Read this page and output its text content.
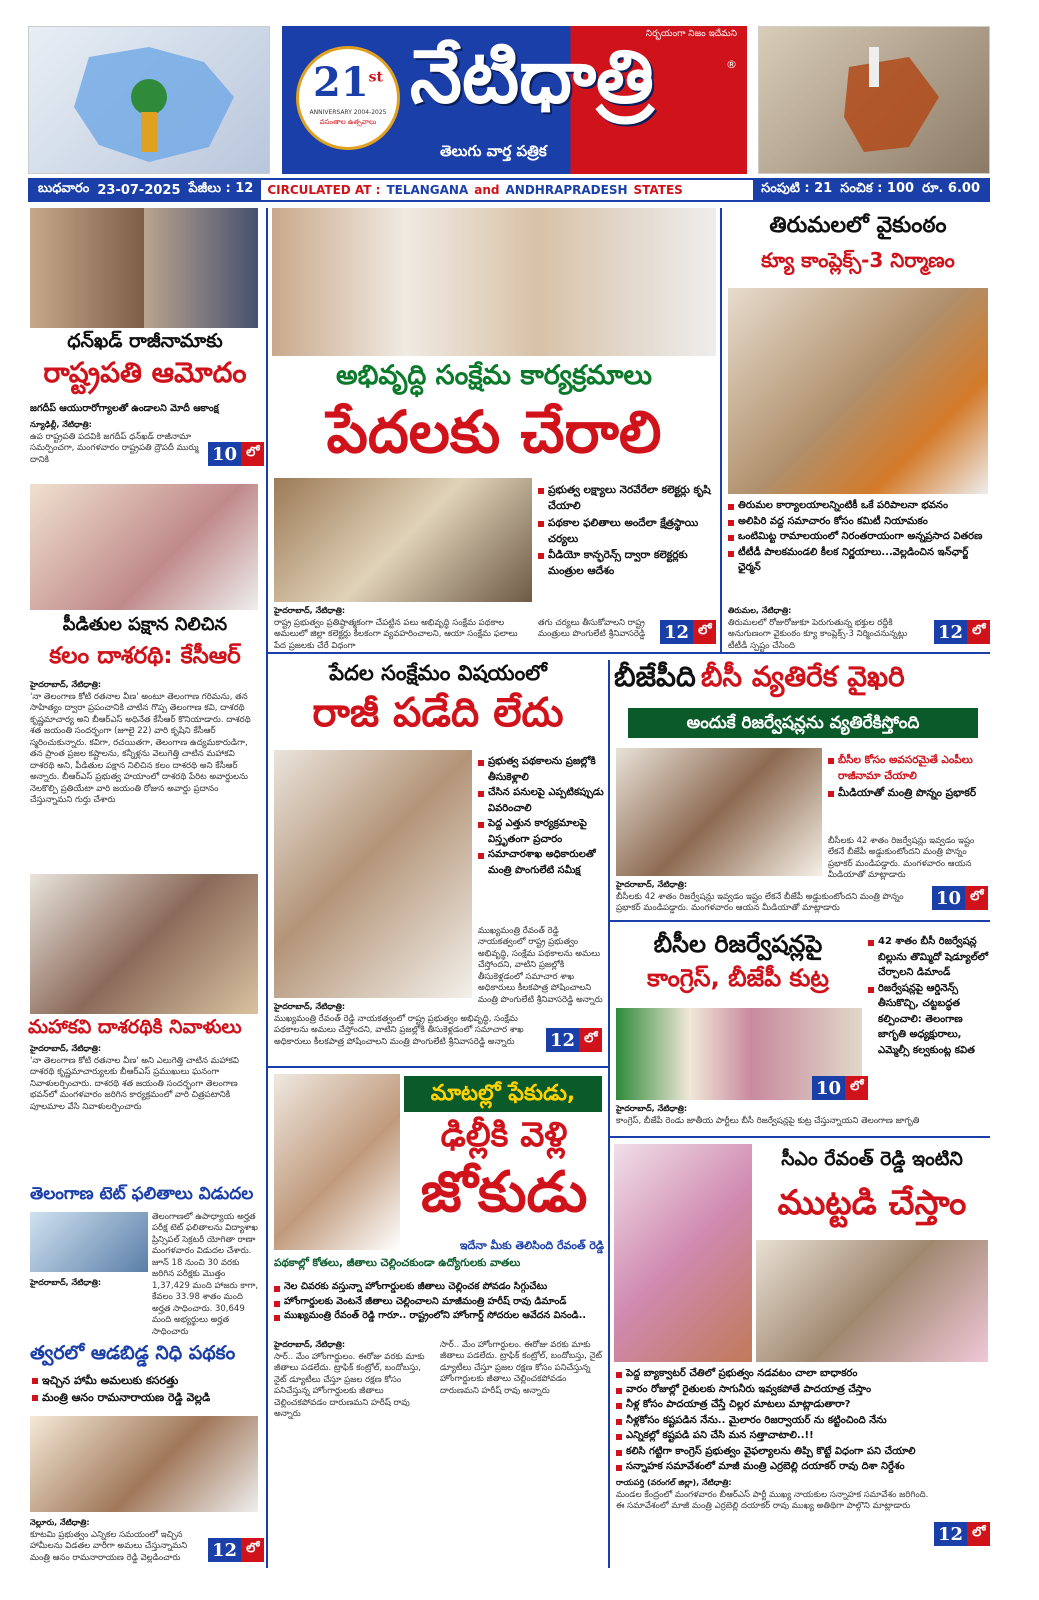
నిర్భయంగా నిజం ఇదేమని
21st
ANNIVERSARY 2004-2025
వసంతాల ఉత్సవాలు
నేటిధాత్రి
తెలుగు వార్త పత్రిక
®
బుధవారం 23-07-2025 పేజీలు : 12 CIRCULATED AT : TELANGANA and ANDHRAPRADESH STATES	సంపుటి : 21 సంచిక : 100 రూ. 6.00
ధన్‌ఖడ్ రాజీనామాకు
రాష్ట్రపతి ఆమోదం
జగదీప్ ఆయురారోగ్యాలతో ఉండాలని మోదీ ఆకాంక్ష
న్యూఢిల్లీ, నేటిధాత్రి:
ఉప రాష్ట్రపతి పదవికి జగదీప్ ధన్‌ఖడ్ రాజీనామా సమర్పించగా, మంగళవారం రాష్ట్రపతి ద్రౌపదీ ముర్ము దానికి	10 లో
పీడితుల పక్షాన నిలిచిన
కలం దాశరథి: కేసీఆర్
హైదరాబాద్, నేటిధాత్రి:
'నా తెలంగాణ కోటి రతనాల వీణ' అంటూ తెలంగాణ గరిమను, తన సాహిత్యం ద్వారా ప్రపంచానికి చాటిన గొప్ప తెలంగాణ కవి, దాశరథి కృష్ణమాచార్య అని బీఆర్ఎస్ అధినేత కేసీఆర్ కొనియాడారు. దాశరథి శత జయంతి సందర్భంగా (జూలై 22) వారి కృషిని కేసీఆర్ స్మరించుకున్నారు. కవిగా, రచయితగా, తెలంగాణ ఉద్యమకారుడిగా, తన ప్రాంత ప్రజల కష్టాలను, కన్నీళ్లను వెలుగెత్తి చాటిన మహాకవి దాశరథి అని, పీడితుల పక్షాన నిలిచిన కలం దాశరథి అని కేసీఆర్ అన్నారు. బీఆర్ఎస్ ప్రభుత్వ హయాంలో దాశరథి పేరిట అవార్డులను నెలకొల్పి ప్రతియేటా వారి జయంతి రోజున అవార్డు ప్రదానం చేస్తున్నామని గుర్తు చేశారు
మహాకవి దాశరథికి నివాళులు
హైదరాబాద్, నేటిధాత్రి:
'నా తెలంగాణ కోటి రతనాల వీణ' అని ఎలుగెత్తి చాటిన మహాకవి దాశరథి కృష్ణమాచార్యులకు బీఆర్ఎస్ ప్రముఖులు ఘనంగా నివాళులర్పించారు. దాశరథి శత జయంతి సందర్భంగా తెలంగాణ భవన్‌లో మంగళవారం జరిగిన కార్యక్రమంలో వారి చిత్రపటానికి పూలమాల వేసి నివాళులర్పించారు
తెలంగాణ టెట్ ఫలితాలు విడుదల
హైదరాబాద్, నేటిధాత్రి:
తెలంగాణలో ఉపాధ్యాయ అర్హత పరీక్ష టెట్ ఫలితాలను విద్యాశాఖ ప్రిన్సిపల్ సెక్రటరీ యోగితా రాణా మంగళవారం విడుదల చేశారు. జూన్ 18 నుంచి 30 వరకు జరిగిన పరీక్షకు మొత్తం 1,37,429 మంది హాజరు కాగా, కేవలం 33.98 శాతం మంది అర్హత సాధించారు. 30,649 మంది అభ్యర్థులు అర్హత సాధించారు
త్వరలో ఆడబిడ్డ నిధి పథకం
ఇచ్చిన హామీ అమలుకు కసరత్తు
మంత్రి ఆనం రామనారాయణ రెడ్డి వెల్లడి
నెల్లూరు, నేటిధాత్రి:
కూటమి ప్రభుత్వం ఎన్నికల సమయంలో ఇచ్చిన హామీలను విడతల వారీగా అమలు చేస్తున్నామని మంత్రి ఆనం రామనారాయణ రెడ్డి వెల్లడించారు	12 లో
అభివృద్ధి సంక్షేమ కార్యక్రమాలు
పేదలకు చేరాలి
ప్రభుత్వ లక్ష్యాలు నెరవేరేలా కలెక్టర్లు కృషి చేయాలి
పథకాల ఫలితాలు అందేలా క్షేత్రస్థాయి చర్యలు
వీడియో కాన్ఫరెన్స్ ద్వారా కలెక్టర్లకు మంత్రుల ఆదేశం
హైదరాబాద్, నేటిధాత్రి:
రాష్ట్ర ప్రభుత్వం ప్రతిష్ఠాత్మకంగా చేపట్టిన పలు అభివృద్ధి సంక్షేమ పథకాల అమలులో జిల్లా కలెక్టర్లు కీలకంగా వ్యవహరించాలని, ఆయా సంక్షేమ ఫలాలు పేద ప్రజలకు చేరే విధంగా
తగు చర్యలు తీసుకోవాలని రాష్ట్ర మంత్రులు పొంగులేటి శ్రీనివాసరెడ్డి	12 లో
తిరుమలలో వైకుంఠం
క్యూ కాంప్లెక్స్-3 నిర్మాణం
తిరుమల కార్యాలయాలన్నింటికీ ఒకే పరిపాలనా భవనం
అలిపిరి వద్ద సమాచారం కోసం కమిటీ నియామకం
ఒంటిమిట్ట రామాలయంలో నిరంతరాయంగా అన్నప్రసాద వితరణ
టీటీడీ పాలకమండలి కీలక నిర్ణయాలు...వెల్లడించిన ఇన్‌ఛార్జ్ ఛైర్మన్
తిరుమల, నేటిధాత్రి:
తిరుమలలో రోజురోజుకూ పెరుగుతున్న భక్తుల రద్దీకి అనుగుణంగా వైకుంఠం క్యూ కాంప్లెక్స్-3 నిర్మించనున్నట్లు టీటీడీ స్పష్టం చేసింది
12 లో
పేదల సంక్షేమం విషయంలో
రాజీ పడేది లేదు
ప్రభుత్వ పథకాలను ప్రజల్లోకి తీసుకెళ్లాలి
చేసిన పనులపై ఎప్పటికప్పుడు వివరించాలి
పెద్ద ఎత్తున కార్యక్రమాలపై విస్తృతంగా ప్రచారం
సమాచారశాఖ అధికారులతో మంత్రి పొంగులేటి సమీక్ష
ముఖ్యమంత్రి రేవంత్ రెడ్డి నాయకత్వంలో రాష్ట్ర ప్రభుత్వం అభివృద్ధి, సంక్షేమ పథకాలను అమలు చేస్తోందని, వాటిని ప్రజల్లోకి తీసుకెళ్లడంలో సమాచార శాఖ అధికారులు కీలకపాత్ర పోషించాలని మంత్రి పొంగులేటి శ్రీనివాసరెడ్డి అన్నారు
హైదరాబాద్, నేటిధాత్రి:
ముఖ్యమంత్రి రేవంత్ రెడ్డి నాయకత్వంలో రాష్ట్ర ప్రభుత్వం అభివృద్ధి, సంక్షేమ పథకాలను అమలు చేస్తోందని, వాటిని ప్రజల్లోకి తీసుకెళ్లడంలో సమాచార శాఖ అధికారులు కీలకపాత్ర పోషించాలని మంత్రి పొంగులేటి శ్రీనివాసరెడ్డి అన్నారు	12 లో
మాటల్లో ఫేకుడు,
ఢిల్లీకి వెళ్లి
జోకుడు
ఇదేనా మీకు తెలిసింది రేవంత్ రెడ్డి
పథకాల్లో కోతలు, జీతాలు చెల్లించకుండా ఉద్యోగులకు వాతలు
నెల చివరకు వస్తున్నా హోంగార్డులకు జీతాలు చెల్లించక పోవడం సిగ్గుచేటు
హోంగార్డులకు వెంటనే జీతాలు చెల్లించాలని మాజీమంత్రి హరీష్ రావు డిమాండ్
ముఖ్యమంత్రి రేవంత్ రెడ్డి గారూ.. రాష్ట్రంలోని హోంగార్డ్ సోదరుల ఆవేదన వినండి..
హైదరాబాద్, నేటిధాత్రి:
సార్.. మేం హోంగార్డులం. ఈరోజు వరకు మాకు జీతాలు పడలేదు. ట్రాఫిక్ కంట్రోల్, బందోబస్తు, నైట్ డ్యూటీలు చేస్తూ ప్రజల రక్షణ కోసం పనిచేస్తున్న హోంగార్డులకు జీతాలు చెల్లించకపోవడం దారుణమని హరీష్ రావు అన్నారు
సార్.. మేం హోంగార్డులం. ఈరోజు వరకు మాకు జీతాలు పడలేదు. ట్రాఫిక్ కంట్రోల్, బందోబస్తు, నైట్ డ్యూటీలు చేస్తూ ప్రజల రక్షణ కోసం పనిచేస్తున్న హోంగార్డులకు జీతాలు చెల్లించకపోవడం దారుణమని హరీష్ రావు అన్నారు
బీజేపీది బీసీ వ్యతిరేక వైఖరి
అందుకే రిజర్వేషన్లను వ్యతిరేకిస్తోంది
బీసీల కోసం అవసరమైతే ఎంపీలు రాజీనామా చేయాలి
మీడియాతో మంత్రి పొన్నం ప్రభాకర్
బీసీలకు 42 శాతం రిజర్వేషన్లు ఇవ్వడం ఇష్టం లేకనే బీజేపీ అడ్డుకుంటోందని మంత్రి పొన్నం ప్రభాకర్ మండిపడ్డారు. మంగళవారం ఆయన మీడియాతో మాట్లాడారు
హైదరాబాద్, నేటిధాత్రి:
బీసీలకు 42 శాతం రిజర్వేషన్లు ఇవ్వడం ఇష్టం లేకనే బీజేపీ అడ్డుకుంటోందని మంత్రి పొన్నం ప్రభాకర్ మండిపడ్డారు. మంగళవారం ఆయన మీడియాతో మాట్లాడారు	10 లో
బీసీల రిజర్వేషన్లపై
కాంగ్రెస్, బీజేపీ కుట్ర
42 శాతం బీసీ రిజర్వేషన్ల బిల్లును తొమ్మిదో షెడ్యూల్‌లో చేర్చాలని డిమాండ్
రిజర్వేషన్లపై ఆర్డినెన్స్ తీసుకొచ్చి, చట్టబద్ధత కల్పించాలి: తెలంగాణ జాగృతి అధ్యక్షురాలు, ఎమ్మెల్సీ కల్వకుంట్ల కవిత
హైదరాబాద్, నేటిధాత్రి:
కాంగ్రెస్, బీజేపీ రెండు జాతీయ పార్టీలు బీసీ రిజర్వేషన్లపై కుట్ర చేస్తున్నాయని తెలంగాణ జాగృతి
10 లో
సీఎం రేవంత్ రెడ్డి ఇంటిని
ముట్టడి చేస్తాం
పెద్ద బ్యాక్వాటర్ చేతిలో ప్రభుత్వం నడవటం చాలా బాధాకరం
వారం రోజుల్లో రైతులకు సాగునీరు ఇవ్వకపోతే పాదయాత్ర చేస్తాం
నీళ్ల కోసం పాదయాత్ర చేస్తే చిల్లర మాటలు మాట్లాడుతారా?
నీళ్లకోసం కష్టపడిన నేను.. మైలారం రిజర్వాయర్ ను కట్టించింది నేను
ఎన్నికల్లో కష్టపడి పని చేసి మన సత్తాచాటాలి..!!
కలిసి గట్టిగా కాంగ్రెస్ ప్రభుత్వం వైఫల్యాలను తిప్పి కొట్టే విధంగా పని చేయాలి
సన్నాహక సమావేశంలో మాజీ మంత్రి ఎర్రబెల్లి దయాకర్ రావు దిశా నిర్దేశం
రాయపర్తి (వరంగల్ జిల్లా), నేటిధాత్రి:
మండల కేంద్రంలో మంగళవారం బీఆర్ఎస్ పార్టీ ముఖ్య నాయకుల సన్నాహక సమావేశం జరిగింది. ఈ సమావేశంలో మాజీ మంత్రి ఎర్రబెల్లి దయాకర్ రావు ముఖ్య అతిథిగా పాల్గొని మాట్లాడారు
12 లో
